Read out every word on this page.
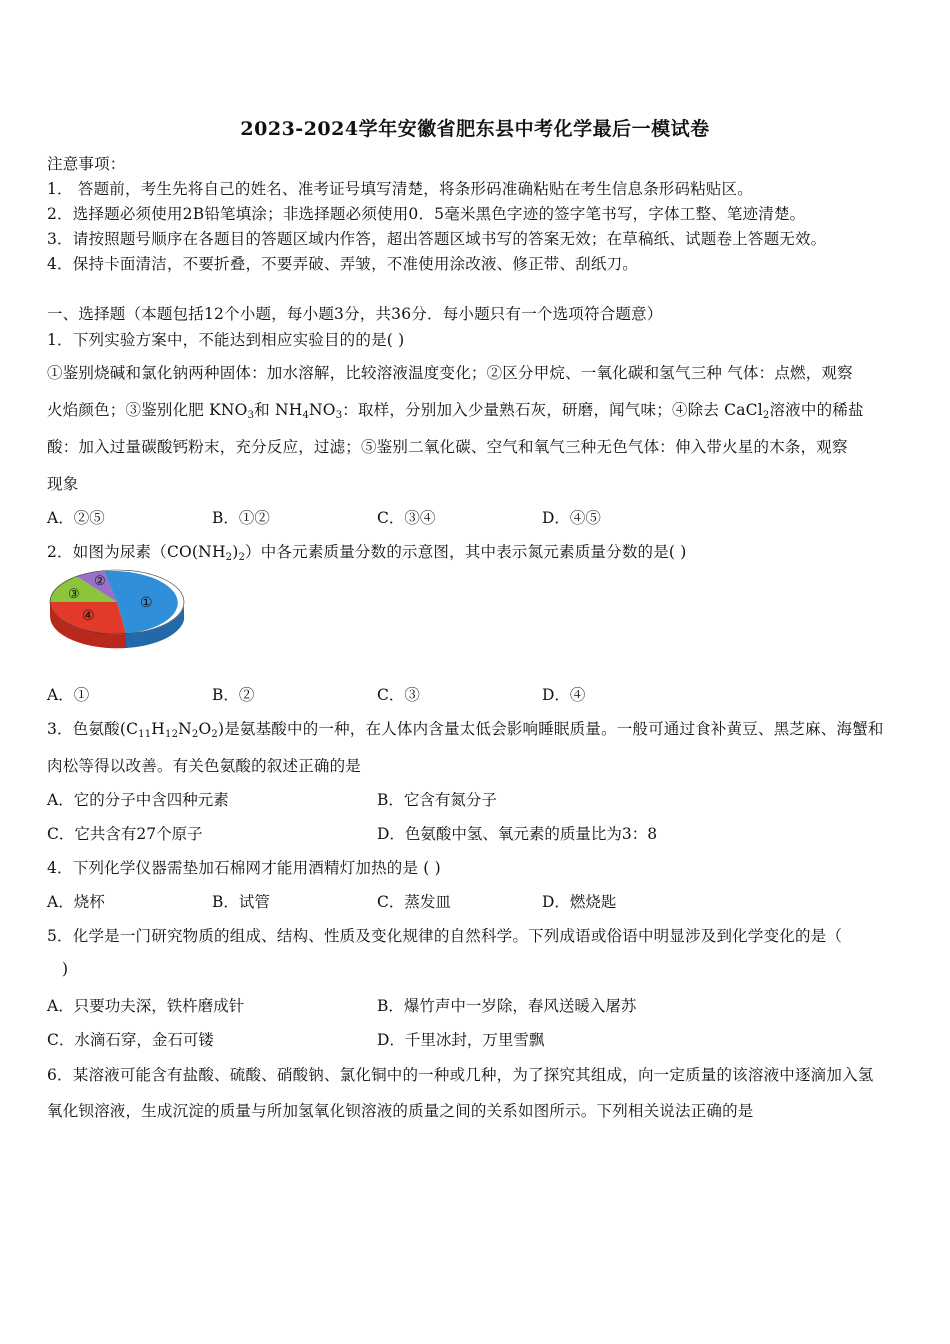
2023-2024学年安徽省肥东县中考化学最后一模试卷
注意事项：
1． 答题前，考生先将自己的姓名、准考证号填写清楚，将条形码准确粘贴在考生信息条形码粘贴区。
2．选择题必须使用2B铅笔填涂；非选择题必须使用0．5毫米黑色字迹的签字笔书写，字体工整、笔迹清楚。
3．请按照题号顺序在各题目的答题区域内作答，超出答题区域书写的答案无效；在草稿纸、试题卷上答题无效。
4．保持卡面清洁，不要折叠，不要弄破、弄皱，不准使用涂改液、修正带、刮纸刀。
一、选择题（本题包括12个小题，每小题3分，共36分．每小题只有一个选项符合题意）
1．下列实验方案中，不能达到相应实验目的的是( )
①鉴别烧碱和氯化钠两种固体：加水溶解，比较溶液温度变化；②区分甲烷、一氧化碳和氢气三种 气体：点燃，观察
火焰颜色；③鉴别化肥 $KNO_3$和 $NH_4NO_3$：取样，分别加入少量熟石灰，研磨，闻气味；④除去 CaCl$_2$溶液中的稀盐
酸：加入过量碳酸钙粉末，充分反应，过滤；⑤鉴别二氧化碳、空气和氧气三种无色气体：伸入带火星的木条，观察
现象
A．②⑤	B．①②	C．③④	D．④⑤
2．如图为尿素$(CO(NH_2)_2)$中各元素质量分数的示意图，其中表示氮元素质量分数的是( )
①
②
③
④
A．①	B．②	C．③	D．④
3．色氨酸$(C_{11}H_{12}N_2O_2)$是氨基酸中的一种，在人体内含量太低会影响睡眠质量。一般可通过食补黄豆、黑芝麻、海蟹和
肉松等得以改善。有关色氨酸的叙述正确的是
A．它的分子中含四种元素	B．它含有氮分子
C．它共含有27个原子	D．色氨酸中氢、氧元素的质量比为3：8
4．下列化学仪器需垫加石棉网才能用酒精灯加热的是 ( )
A．烧杯	B．试管	C．蒸发皿	D．燃烧匙
5．化学是一门研究物质的组成、结构、性质及变化规律的自然科学。下列成语或俗语中明显涉及到化学变化的是（
)
A．只要功夫深，铁杵磨成针	B．爆竹声中一岁除，春风送暖入屠苏
C．水滴石穿，金石可镂	D．千里冰封，万里雪飘
6．某溶液可能含有盐酸、硫酸、硝酸钠、氯化铜中的一种或几种，为了探究其组成，向一定质量的该溶液中逐滴加入氢
氧化钡溶液，生成沉淀的质量与所加氢氧化钡溶液的质量之间的关系如图所示。下列相关说法正确的是
